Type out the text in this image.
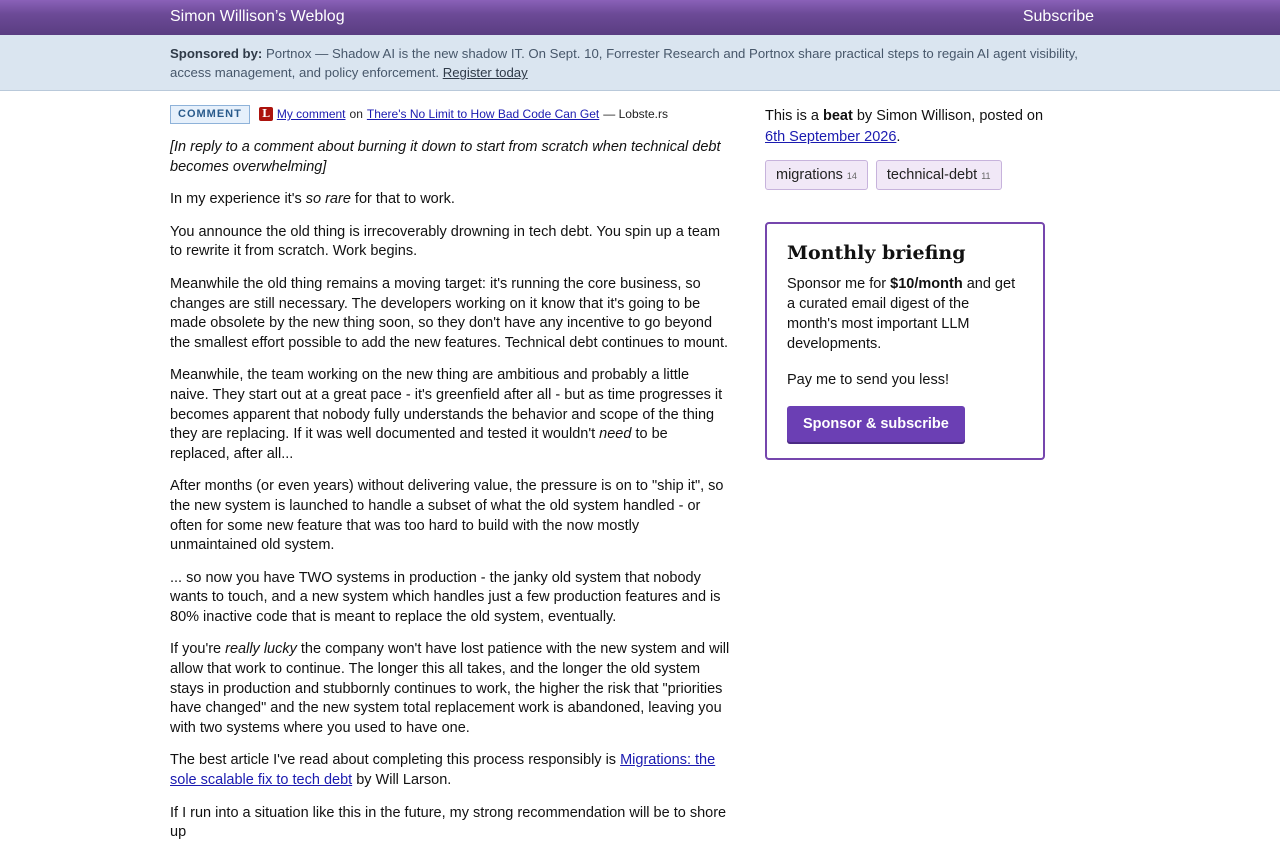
Simon Willison’s Weblog	Subscribe
Sponsored by: Portnox — Shadow AI is the new shadow IT. On Sept. 10, Forrester Research and Portnox share practical steps to regain AI agent visibility, access management, and policy enforcement. Register today
COMMENT	L My comment on There's No Limit to How Bad Code Can Get — Lobste.rs

[In reply to a comment about burning it down to start from scratch when technical debt becomes overwhelming]

In my experience it's so rare for that to work.

You announce the old thing is irrecoverably drowning in tech debt. You spin up a team to rewrite it from scratch. Work begins.

Meanwhile the old thing remains a moving target: it's running the core business, so changes are still necessary. The developers working on it know that it's going to be made obsolete by the new thing soon, so they don't have any incentive to go beyond the smallest effort possible to add the new features. Technical debt continues to mount.

Meanwhile, the team working on the new thing are ambitious and probably a little naive. They start out at a great pace - it's greenfield after all - but as time progresses it becomes apparent that nobody fully understands the behavior and scope of the thing they are replacing. If it was well documented and tested it wouldn't need to be replaced, after all...

After months (or even years) without delivering value, the pressure is on to "ship it", so the new system is launched to handle a subset of what the old system handled - or often for some new feature that was too hard to build with the now mostly unmaintained old system.

... so now you have TWO systems in production - the janky old system that nobody wants to touch, and a new system which handles just a few production features and is 80% inactive code that is meant to replace the old system, eventually.

If you're really lucky the company won't have lost patience with the new system and will allow that work to continue. The longer this all takes, and the longer the old system stays in production and stubbornly continues to work, the higher the risk that "priorities have changed" and the new system total replacement work is abandoned, leaving you with two systems where you used to have one.

The best article I've read about completing this process responsibly is Migrations: the sole scalable fix to tech debt by Will Larson.

If I run into a situation like this in the future, my strong recommendation will be to shore up

This is a beat by Simon Willison, posted on 6th September 2026.
migrations 14 technical-debt 11
Monthly briefing

Sponsor me for $10/month and get a curated email digest of the month's most important LLM developments.

Pay me to send you less!

Sponsor & subscribe
